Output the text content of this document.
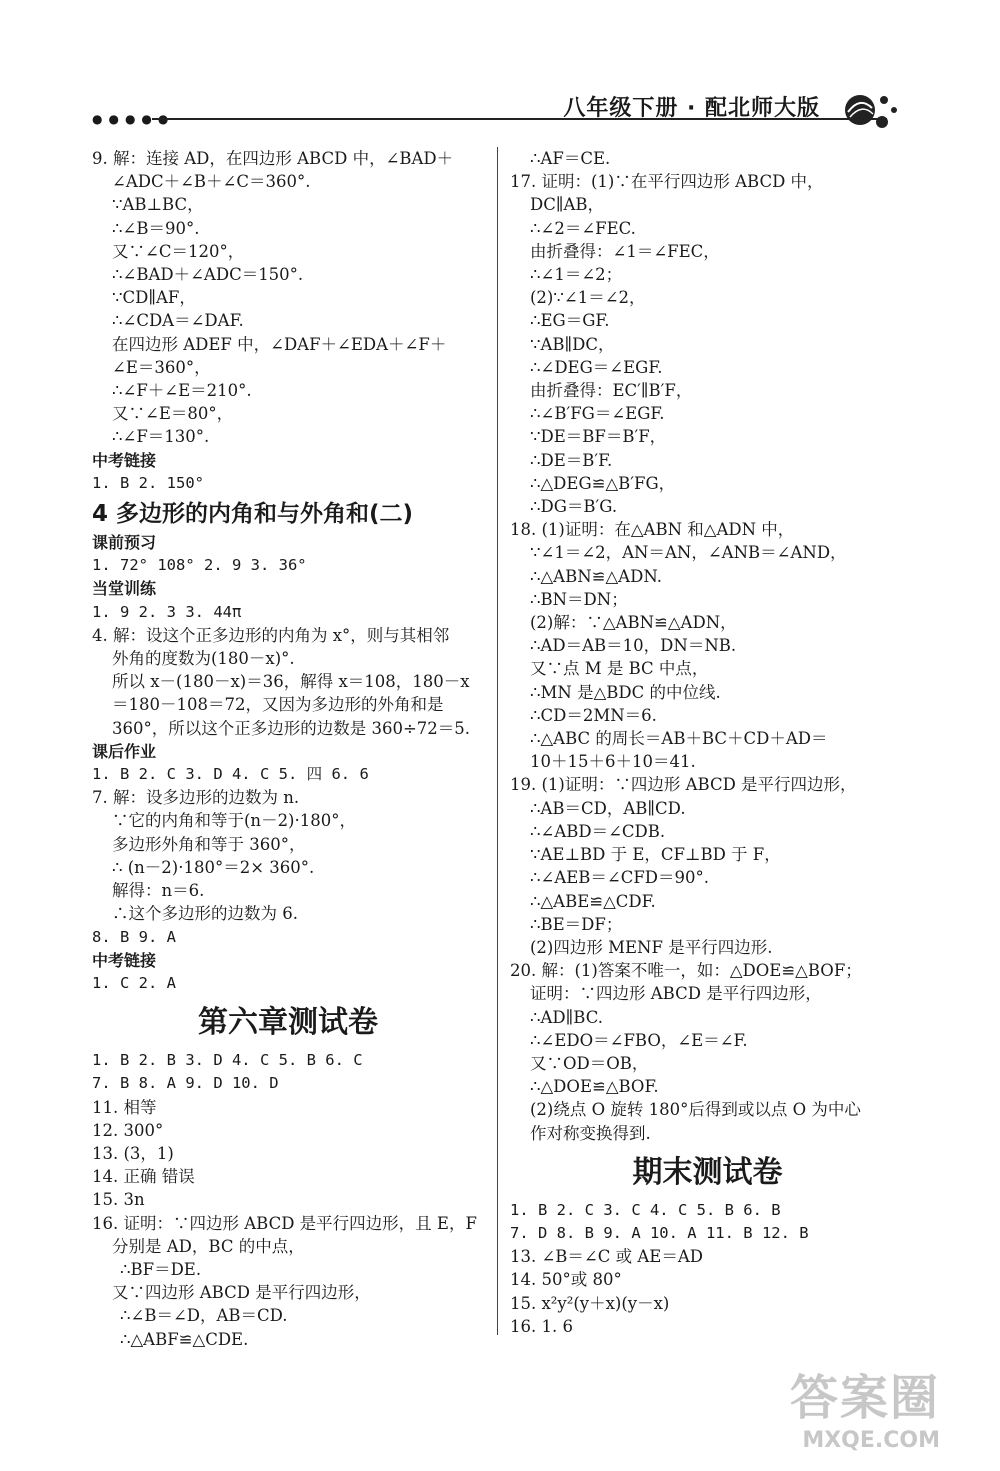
●●●●●	八年级下册 · 配北师大版
9. 解：连接 AD，在四边形 ABCD 中，∠BAD＋
∠ADC＋∠B＋∠C＝360°.
∵AB⊥BC，
∴∠B＝90°.
又∵∠C＝120°，
∴∠BAD＋∠ADC＝150°.
∵CD∥AF，
∴∠CDA＝∠DAF.
在四边形 ADEF 中，∠DAF＋∠EDA＋∠F＋
∠E＝360°，
∴∠F＋∠E＝210°.
又∵∠E＝80°，
∴∠F＝130°.
中考链接
1. B 2. 150°
4 多边形的内角和与外角和(二)
课前预习
1. 72° 108° 2. 9 3. 36°
当堂训练
1. 9 2. 3 3. 44π
4. 解：设这个正多边形的内角为 x°，则与其相邻
外角的度数为(180－x)°.
所以 x－(180－x)＝36，解得 x＝108，180－x
＝180－108＝72，又因为多边形的外角和是
360°，所以这个正多边形的边数是 360÷72＝5.
课后作业
1. B 2. C 3. D 4. C 5. 四 6. 6
7. 解：设多边形的边数为 n.
∵它的内角和等于(n－2)·180°，
多边形外角和等于 360°，
∴ (n－2)·180°＝2× 360°.
解得：n＝6.
∴这个多边形的边数为 6.
8. B 9. A
中考链接
1. C 2. A
第六章测试卷
1. B 2. B 3. D 4. C 5. B 6. C
7. B 8. A 9. D 10. D
11. 相等
12. 300°
13. (3，1)
14. 正确 错误
15. 3n
16. 证明：∵四边形 ABCD 是平行四边形，且 E，F
分别是 AD，BC 的中点，
∴BF＝DE.
又∵四边形 ABCD 是平行四边形，
∴∠B＝∠D，AB＝CD.
∴△ABF≌△CDE.
∴AF＝CE.
17. 证明：(1)∵在平行四边形 ABCD 中，
DC∥AB，
∴∠2＝∠FEC.
由折叠得：∠1＝∠FEC，
∴∠1＝∠2；
(2)∵∠1＝∠2，
∴EG＝GF.
∵AB∥DC，
∴∠DEG＝∠EGF.
由折叠得：EC′∥B′F，
∴∠B′FG＝∠EGF.
∵DE＝BF＝B′F，
∴DE＝B′F.
∴△DEG≌△B′FG，
∴DG＝B′G.
18. (1)证明：在△ABN 和△ADN 中，
∵∠1＝∠2，AN＝AN，∠ANB＝∠AND，
∴△ABN≌△ADN.
∴BN＝DN；
(2)解：∵△ABN≌△ADN，
∴AD＝AB＝10，DN＝NB.
又∵点 M 是 BC 中点，
∴MN 是△BDC 的中位线.
∴CD＝2MN＝6.
∴△ABC 的周长＝AB＋BC＋CD＋AD＝
10＋15＋6＋10＝41.
19. (1)证明：∵四边形 ABCD 是平行四边形，
∴AB＝CD，AB∥CD.
∴∠ABD＝∠CDB.
∵AE⊥BD 于 E，CF⊥BD 于 F，
∴∠AEB＝∠CFD＝90°.
∴△ABE≌△CDF.
∴BE＝DF；
(2)四边形 MENF 是平行四边形.
20. 解：(1)答案不唯一，如：△DOE≌△BOF；
证明：∵四边形 ABCD 是平行四边形，
∴AD∥BC.
∴∠EDO＝∠FBO，∠E＝∠F.
又∵OD＝OB，
∴△DOE≌△BOF.
(2)绕点 O 旋转 180°后得到或以点 O 为中心
作对称变换得到.
期末测试卷
1. B 2. C 3. C 4. C 5. B 6. B
7. D 8. B 9. A 10. A 11. B 12. B
13. ∠B＝∠C 或 AE＝AD
14. 50°或 80°
15. x²y²(y＋x)(y－x)
16. 1. 6
答案圈
MXQE.COM
